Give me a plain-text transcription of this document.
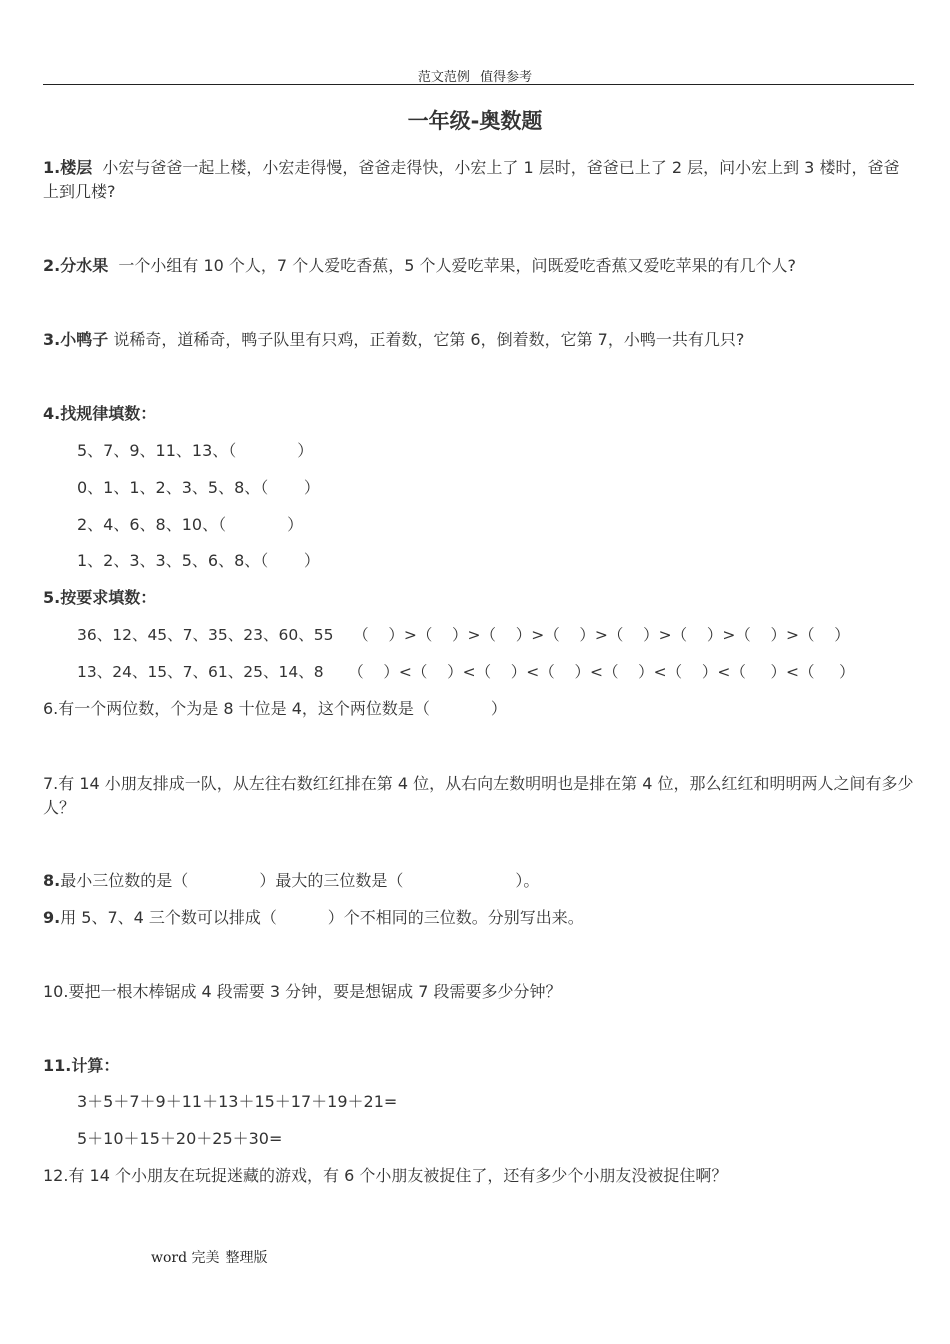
范文范例 值得参考
一年级-奥数题
1.楼层 小宏与爸爸一起上楼，小宏走得慢，爸爸走得快，小宏上了 1 层时，爸爸已上了 2 层，问小宏上到 3 楼时，爸爸上到几楼?
2.分水果 一个小组有 10 个人，7 个人爱吃香蕉，5 个人爱吃苹果，问既爱吃香蕉又爱吃苹果的有几个人?
3.小鸭子 说稀奇，道稀奇，鸭子队里有只鸡，正着数，它第 6，倒着数，它第 7，小鸭一共有几只?
4.找规律填数：
5、7、9、11、13、（            ）
0、1、1、2、3、5、8、（       ）
2、4、6、8、10、（            ）
1、2、3、3、5、6、8、（       ）
5.按要求填数：
36、12、45、7、35、23、60、55    （    ）>（    ）>（    ）>（    ）>（    ）>（    ）>（    ）>（    ）
13、24、15、7、61、25、14、8     （    ）<（    ）<（    ）<（    ）<（    ）<（    ）<（     ）<（     ）
6.有一个两位数，个为是 8 十位是 4，这个两位数是（            ）
7.有 14 小朋友排成一队，从左往右数红红排在第 4 位，从右向左数明明也是排在第 4 位，那么红红和明明两人之间有多少人？
8.最小三位数的是（              ）最大的三位数是（                      ）。
9.用 5、7、4 三个数可以排成（          ）个不相同的三位数。分别写出来。
10.要把一根木棒锯成 4 段需要 3 分钟，要是想锯成 7 段需要多少分钟？
11.计算：
3＋5＋7＋9＋11＋13＋15＋17＋19＋21=
5＋10＋15＋20＋25＋30=
12.有 14 个小朋友在玩捉迷藏的游戏，有 6 个小朋友被捉住了，还有多少个小朋友没被捉住啊？
word 完美 整理版
